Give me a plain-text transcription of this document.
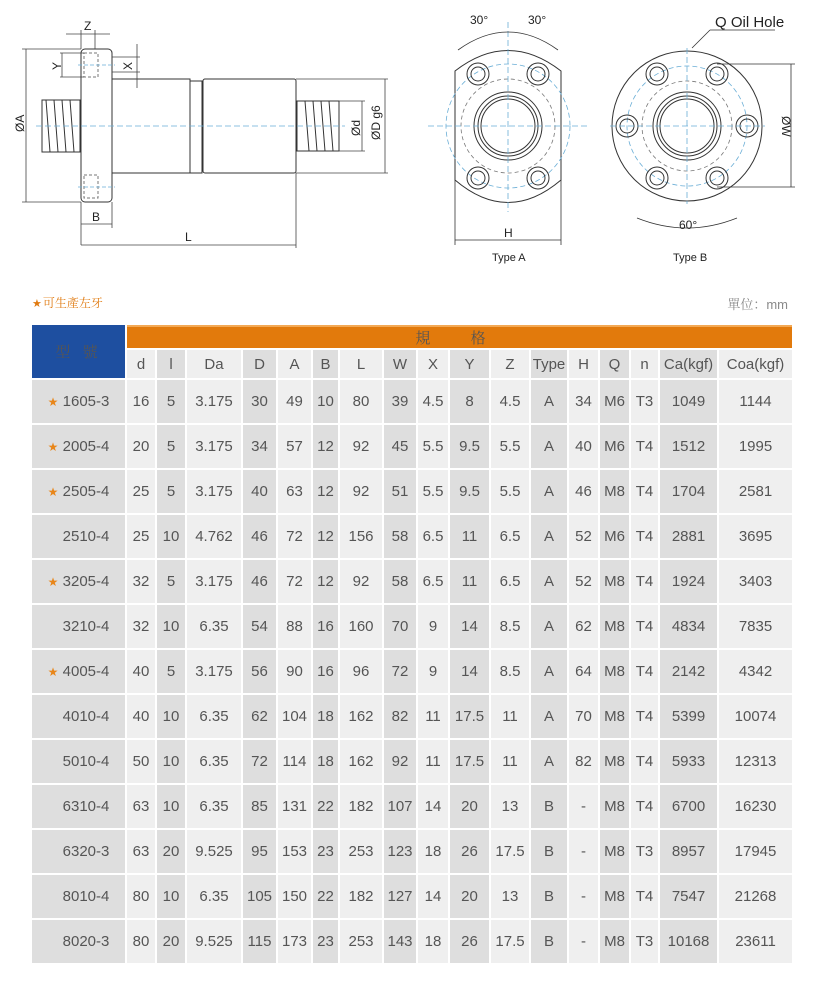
Z
Y	X
ØA
B
L
Ød ØD g6
30°	30°
H
Type A
Q Oil Hole
ØW
60°
Type B
★可生產左牙	單位：mm
型 號	規 格																
	d	l	Da	D	A	B	L	W	X	Y	Z	Type	H	Q	n	Ca(kgf)	Coa(kgf)
★ 1605-3	16	5	3.175	30	49	10	80	39	4.5	8	4.5	A	34	M6	T3	1049	1144
★ 2005-4	20	5	3.175	34	57	12	92	45	5.5	9.5	5.5	A	40	M6	T4	1512	1995
★ 2505-4	25	5	3.175	40	63	12	92	51	5.5	9.5	5.5	A	46	M8	T4	1704	2581
2510-4	25	10	4.762	46	72	12	156	58	6.5	11	6.5	A	52	M6	T4	2881	3695
★ 3205-4	32	5	3.175	46	72	12	92	58	6.5	11	6.5	A	52	M8	T4	1924	3403
3210-4	32	10	6.35	54	88	16	160	70	9	14	8.5	A	62	M8	T4	4834	7835
★ 4005-4	40	5	3.175	56	90	16	96	72	9	14	8.5	A	64	M8	T4	2142	4342
4010-4	40	10	6.35	62	104	18	162	82	11	17.5	11	A	70	M8	T4	5399	10074
5010-4	50	10	6.35	72	114	18	162	92	11	17.5	11	A	82	M8	T4	5933	12313
6310-4	63	10	6.35	85	131	22	182	107	14	20	13	B	-	M8	T4	6700	16230
6320-3	63	20	9.525	95	153	23	253	123	18	26	17.5	B	-	M8	T3	8957	17945
8010-4	80	10	6.35	105	150	22	182	127	14	20	13	B	-	M8	T4	7547	21268
8020-3	80	20	9.525	115	173	23	253	143	18	26	17.5	B	-	M8	T3	10168	23611
